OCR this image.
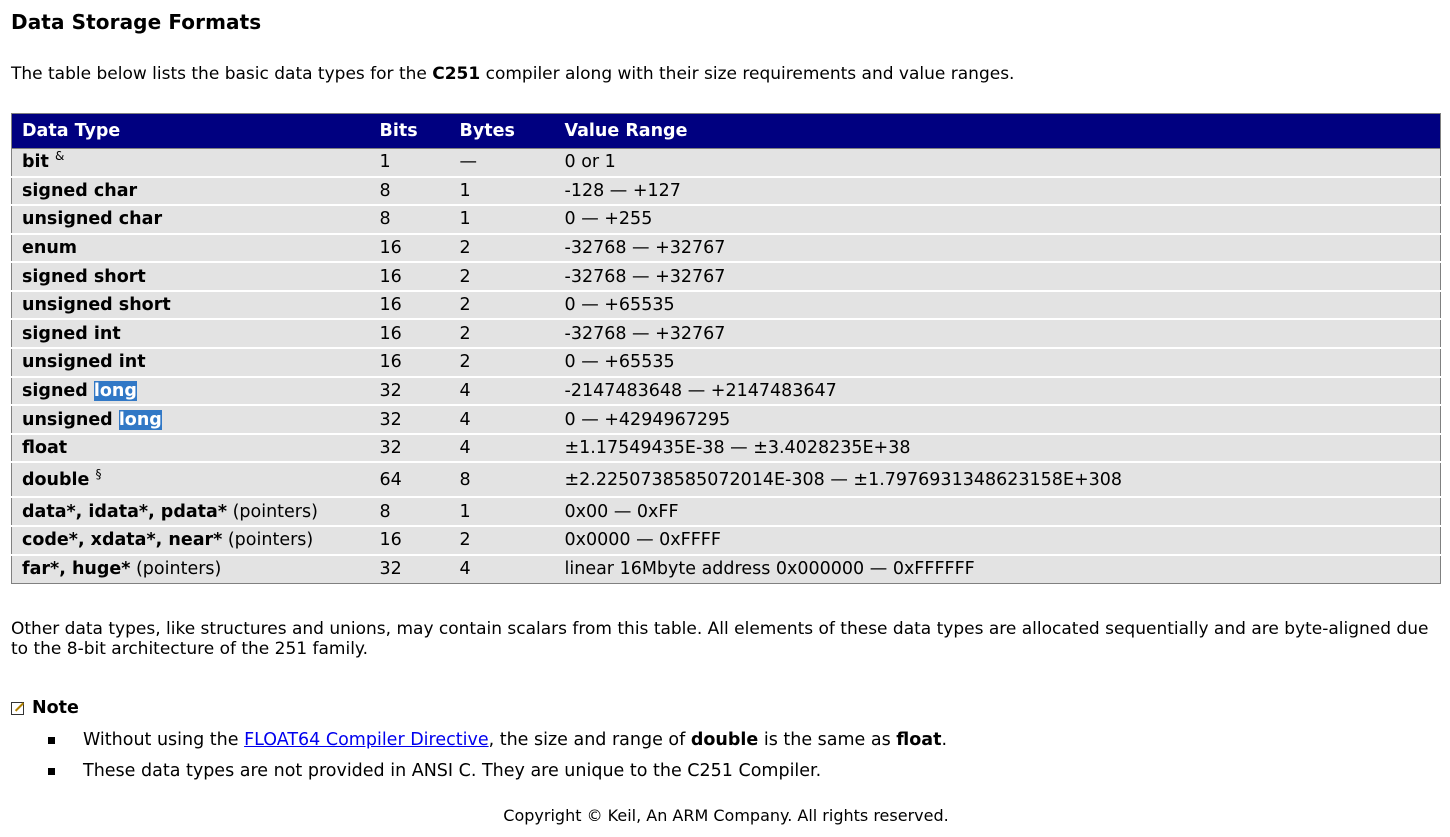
Data Storage Formats
The table below lists the basic data types for the C251 compiler along with their size requirements and value ranges.
Data Type	Bits	Bytes	Value Range
bit &	1	—	0 or 1
signed char	8	1	-128 — +127
unsigned char	8	1	0 — +255
enum	16	2	-32768 — +32767
signed short	16	2	-32768 — +32767
unsigned short	16	2	0 — +65535
signed int	16	2	-32768 — +32767
unsigned int	16	2	0 — +65535
signed long	32	4	-2147483648 — +2147483647
unsigned long	32	4	0 — +4294967295
float	32	4	±1.17549435E-38 — ±3.4028235E+38
double §	64	8	±2.2250738585072014E-308 — ±1.7976931348623158E+308
data*, idata*, pdata* (pointers)	8	1	0x00 — 0xFF
code*, xdata*, near* (pointers)	16	2	0x0000 — 0xFFFF
far*, huge* (pointers)	32	4	linear 16Mbyte address 0x000000 — 0xFFFFFF
Other data types, like structures and unions, may contain scalars from this table. All elements of these data types are allocated sequentially and are byte-aligned due to the 8-bit architecture of the 251 family.
Note
Without using the FLOAT64 Compiler Directive, the size and range of double is the same as float.
These data types are not provided in ANSI C. They are unique to the C251 Compiler.
Copyright © Keil, An ARM Company. All rights reserved.
